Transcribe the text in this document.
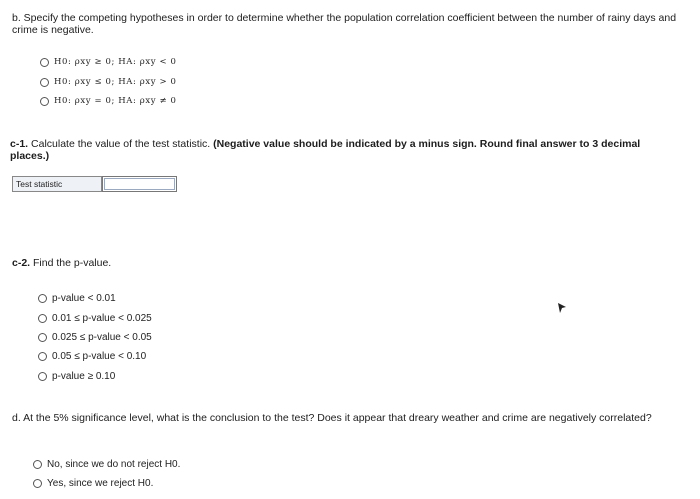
b. Specify the competing hypotheses in order to determine whether the population correlation coefficient between the number of rainy days and crime is negative.
H0: ρxy ≥ 0; HA: ρxy < 0
H0: ρxy ≤ 0; HA: ρxy > 0
H0: ρxy = 0; HA: ρxy ≠ 0
c-1. Calculate the value of the test statistic. (Negative value should be indicated by a minus sign. Round final answer to 3 decimal places.)
Test statistic
c-2. Find the p-value.
p-value < 0.01
0.01 ≤ p-value < 0.025
0.025 ≤ p-value < 0.05
0.05 ≤ p-value < 0.10
p-value ≥ 0.10
d. At the 5% significance level, what is the conclusion to the test? Does it appear that dreary weather and crime are negatively correlated?
No, since we do not reject H0.
Yes, since we reject H0.
